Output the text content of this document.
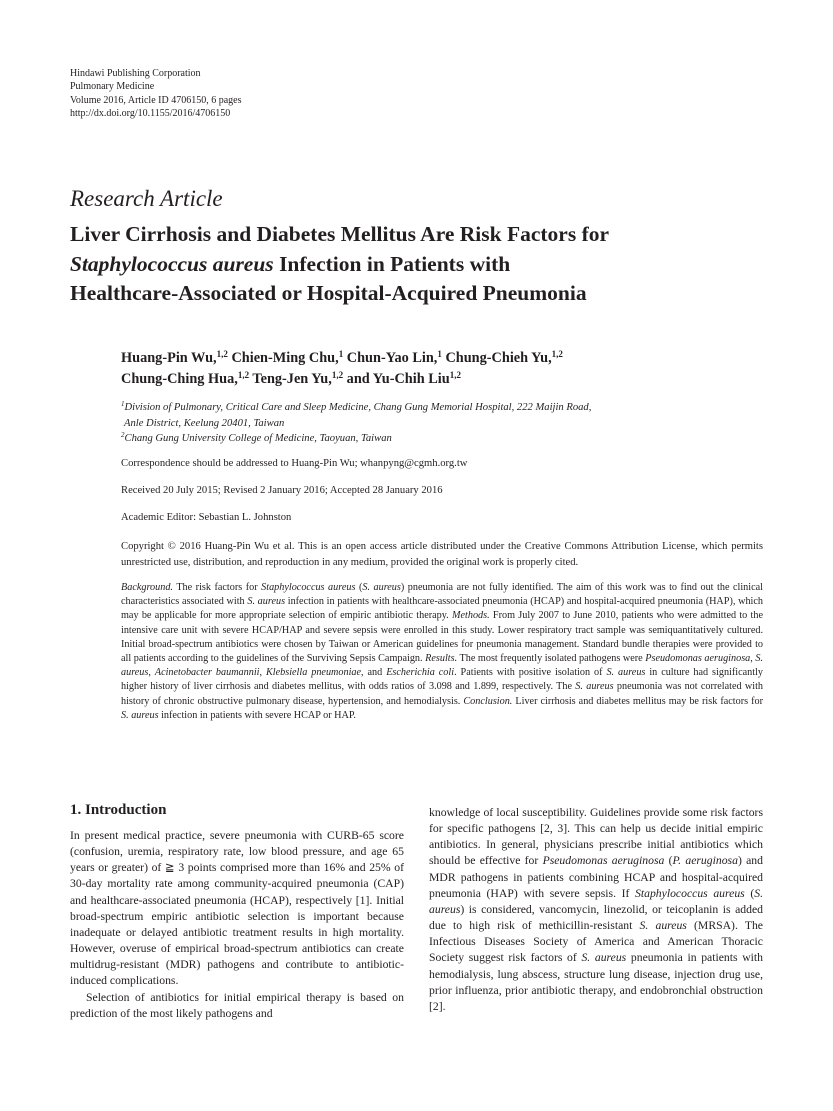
Hindawi Publishing Corporation
Pulmonary Medicine
Volume 2016, Article ID 4706150, 6 pages
http://dx.doi.org/10.1155/2016/4706150
Research Article
Liver Cirrhosis and Diabetes Mellitus Are Risk Factors for
Staphylococcus aureus Infection in Patients with
Healthcare-Associated or Hospital-Acquired Pneumonia
Huang-Pin Wu,$^{1,2}$ Chien-Ming Chu,$^1$ Chun-Yao Lin,$^1$ Chung-Chieh Yu,$^{1,2}$
Chung-Ching Hua,$^{1,2}$ Teng-Jen Yu,$^{1,2}$ and Yu-Chih Liu$^{1,2}$
$^1$Division of Pulmonary, Critical Care and Sleep Medicine, Chang Gung Memorial Hospital, 222 Maijin Road,
Anle District, Keelung 20401, Taiwan
$^2$Chang Gung University College of Medicine, Taoyuan, Taiwan
Correspondence should be addressed to Huang-Pin Wu; whanpyng@cgmh.org.tw
Received 20 July 2015; Revised 2 January 2016; Accepted 28 January 2016
Academic Editor: Sebastian L. Johnston
Copyright © 2016 Huang-Pin Wu et al. This is an open access article distributed under the Creative Commons Attribution License, which permits unrestricted use, distribution, and reproduction in any medium, provided the original work is properly cited.
Background. The risk factors for Staphylococcus aureus (S. aureus) pneumonia are not fully identified. The aim of this work was to find out the clinical characteristics associated with S. aureus infection in patients with healthcare-associated pneumonia (HCAP) and hospital-acquired pneumonia (HAP), which may be applicable for more appropriate selection of empiric antibiotic therapy. Methods. From July 2007 to June 2010, patients who were admitted to the intensive care unit with severe HCAP/HAP and severe sepsis were enrolled in this study. Lower respiratory tract sample was semiquantitatively cultured. Initial broad-spectrum antibiotics were chosen by Taiwan or American guidelines for pneumonia management. Standard bundle therapies were provided to all patients according to the guidelines of the Surviving Sepsis Campaign. Results. The most frequently isolated pathogens were Pseudomonas aeruginosa, S. aureus, Acinetobacter baumannii, Klebsiella pneumoniae, and Escherichia coli. Patients with positive isolation of S. aureus in culture had significantly higher history of liver cirrhosis and diabetes mellitus, with odds ratios of 3.098 and 1.899, respectively. The S. aureus pneumonia was not correlated with history of chronic obstructive pulmonary disease, hypertension, and hemodialysis. Conclusion. Liver cirrhosis and diabetes mellitus may be risk factors for S. aureus infection in patients with severe HCAP or HAP.
1. Introduction

In present medical practice, severe pneumonia with CURB-65 score (confusion, uremia, respiratory rate, low blood pressure, and age 65 years or greater) of ≧ 3 points comprised more than 16% and 25% of 30-day mortality rate among community-acquired pneumonia (CAP) and healthcare-associated pneumonia (HCAP), respectively [1]. Initial broad-spectrum empiric antibiotic selection is important because inadequate or delayed antibiotic treatment results in high mortality. However, overuse of empirical broad-spectrum antibiotics can create multidrug-resistant (MDR) pathogens and contribute to antibiotic-induced complications.

Selection of antibiotics for initial empirical therapy is based on prediction of the most likely pathogens and

knowledge of local susceptibility. Guidelines provide some risk factors for specific pathogens [2, 3]. This can help us decide initial empiric antibiotics. In general, physicians prescribe initial antibiotics which should be effective for Pseudomonas aeruginosa (P. aeruginosa) and MDR pathogens in patients combining HCAP and hospital-acquired pneumonia (HAP) with severe sepsis. If Staphylococcus aureus (S. aureus) is considered, vancomycin, linezolid, or teicoplanin is added due to high risk of methicillin-resistant S. aureus (MRSA). The Infectious Diseases Society of America and American Thoracic Society suggest risk factors of S. aureus pneumonia in patients with hemodialysis, lung abscess, structure lung disease, injection drug use, prior influenza, prior antibiotic therapy, and endobronchial obstruction [2].
